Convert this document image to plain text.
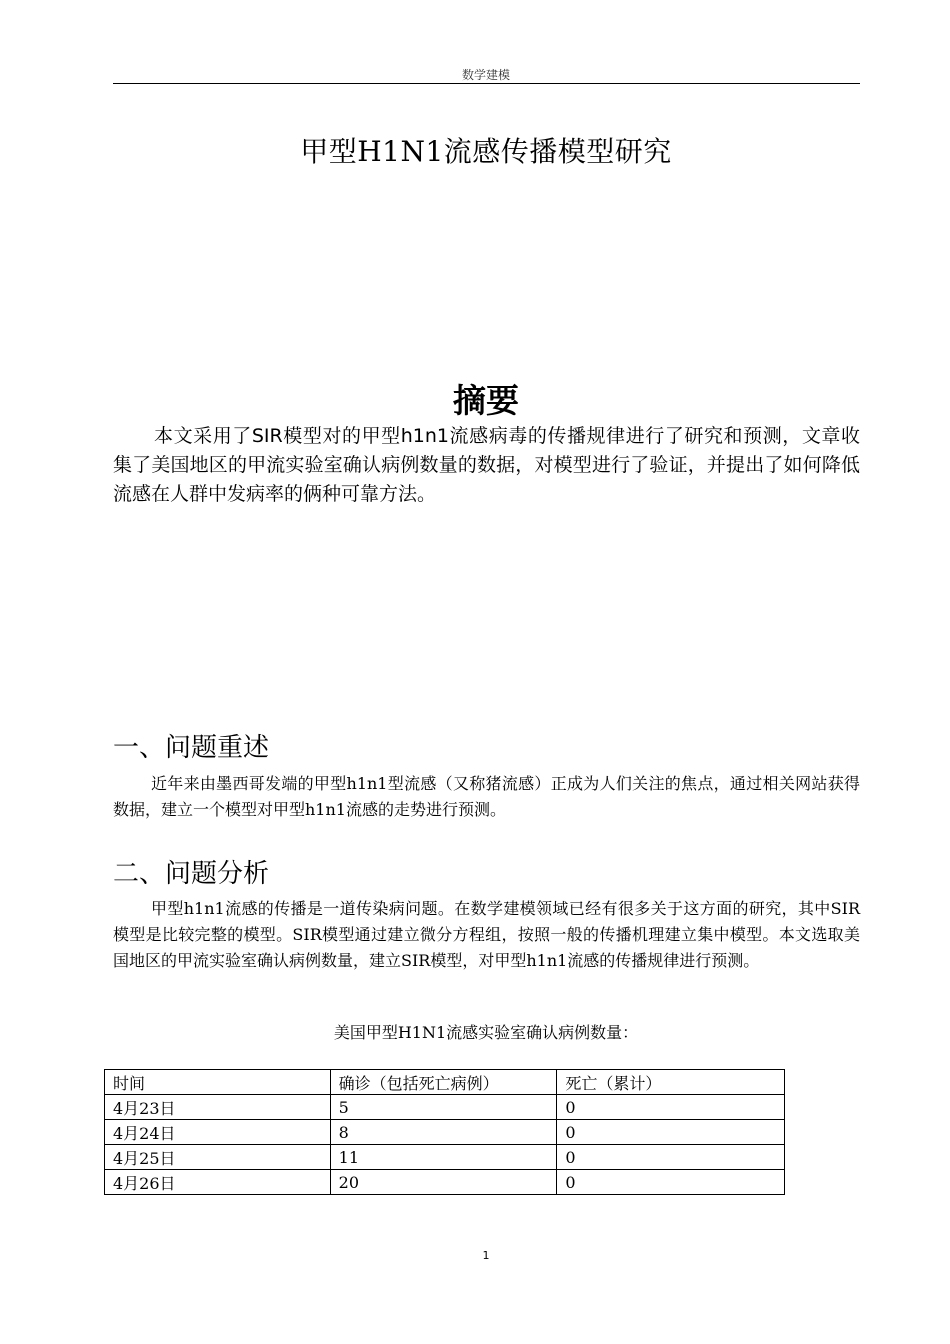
数学建模
甲型H1N1流感传播模型研究
摘要

本文采用了SIR模型对的甲型h1n1流感病毒的传播规律进行了研究和预测，文章收集了美国地区的甲流实验室确认病例数量的数据，对模型进行了验证，并提出了如何降低流感在人群中发病率的俩种可靠方法。

一、问题重述

近年来由墨西哥发端的甲型h1n1型流感（又称猪流感）正成为人们关注的焦点，通过相关网站获得数据，建立一个模型对甲型h1n1流感的走势进行预测。

二、问题分析

甲型h1n1流感的传播是一道传染病问题。在数学建模领域已经有很多关于这方面的研究，其中SIR模型是比较完整的模型。SIR模型通过建立微分方程组，按照一般的传播机理建立集中模型。本文选取美国地区的甲流实验室确认病例数量，建立SIR模型，对甲型h1n1流感的传播规律进行预测。

美国甲型H1N1流感实验室确认病例数量：
时间	确诊（包括死亡病例）	死亡（累计）
4月23日	5	0
4月24日	8	0
4月25日	11	0
4月26日	20	0
1
